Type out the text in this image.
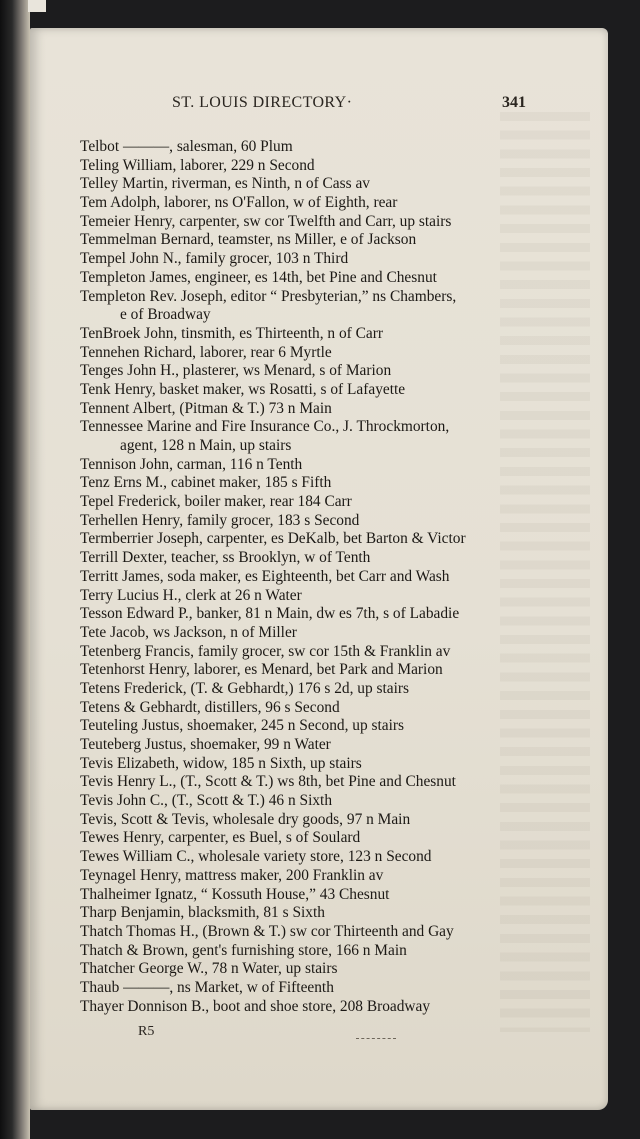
ST. LOUIS DIRECTORY·	341
Telbot ———, salesman, 60 Plum
Teling William, laborer, 229 n Second
Telley Martin, riverman, es Ninth, n of Cass av
Tem Adolph, laborer, ns O'Fallon, w of Eighth, rear
Temeier Henry, carpenter, sw cor Twelfth and Carr, up stairs
Temmelman Bernard, teamster, ns Miller, e of Jackson
Tempel John N., family grocer, 103 n Third
Templeton James, engineer, es 14th, bet Pine and Chesnut
Templeton Rev. Joseph, editor “ Presbyterian,” ns Chambers,
e of Broadway
TenBroek John, tinsmith, es Thirteenth, n of Carr
Tennehen Richard, laborer, rear 6 Myrtle
Tenges John H., plasterer, ws Menard, s of Marion
Tenk Henry, basket maker, ws Rosatti, s of Lafayette
Tennent Albert, (Pitman & T.) 73 n Main
Tennessee Marine and Fire Insurance Co., J. Throckmorton,
agent, 128 n Main, up stairs
Tennison John, carman, 116 n Tenth
Tenz Erns M., cabinet maker, 185 s Fifth
Tepel Frederick, boiler maker, rear 184 Carr
Terhellen Henry, family grocer, 183 s Second
Termberrier Joseph, carpenter, es DeKalb, bet Barton & Victor
Terrill Dexter, teacher, ss Brooklyn, w of Tenth
Territt James, soda maker, es Eighteenth, bet Carr and Wash
Terry Lucius H., clerk at 26 n Water
Tesson Edward P., banker, 81 n Main, dw es 7th, s of Labadie
Tete Jacob, ws Jackson, n of Miller
Tetenberg Francis, family grocer, sw cor 15th & Franklin av
Tetenhorst Henry, laborer, es Menard, bet Park and Marion
Tetens Frederick, (T. & Gebhardt,) 176 s 2d, up stairs
Tetens & Gebhardt, distillers, 96 s Second
Teuteling Justus, shoemaker, 245 n Second, up stairs
Teuteberg Justus, shoemaker, 99 n Water
Tevis Elizabeth, widow, 185 n Sixth, up stairs
Tevis Henry L., (T., Scott & T.) ws 8th, bet Pine and Chesnut
Tevis John C., (T., Scott & T.) 46 n Sixth
Tevis, Scott & Tevis, wholesale dry goods, 97 n Main
Tewes Henry, carpenter, es Buel, s of Soulard
Tewes William C., wholesale variety store, 123 n Second
Teynagel Henry, mattress maker, 200 Franklin av
Thalheimer Ignatz, “ Kossuth House,” 43 Chesnut
Tharp Benjamin, blacksmith, 81 s Sixth
Thatch Thomas H., (Brown & T.) sw cor Thirteenth and Gay
Thatch & Brown, gent's furnishing store, 166 n Main
Thatcher George W., 78 n Water, up stairs
Thaub ———, ns Market, w of Fifteenth
Thayer Donnison B., boot and shoe store, 208 Broadway
R5
